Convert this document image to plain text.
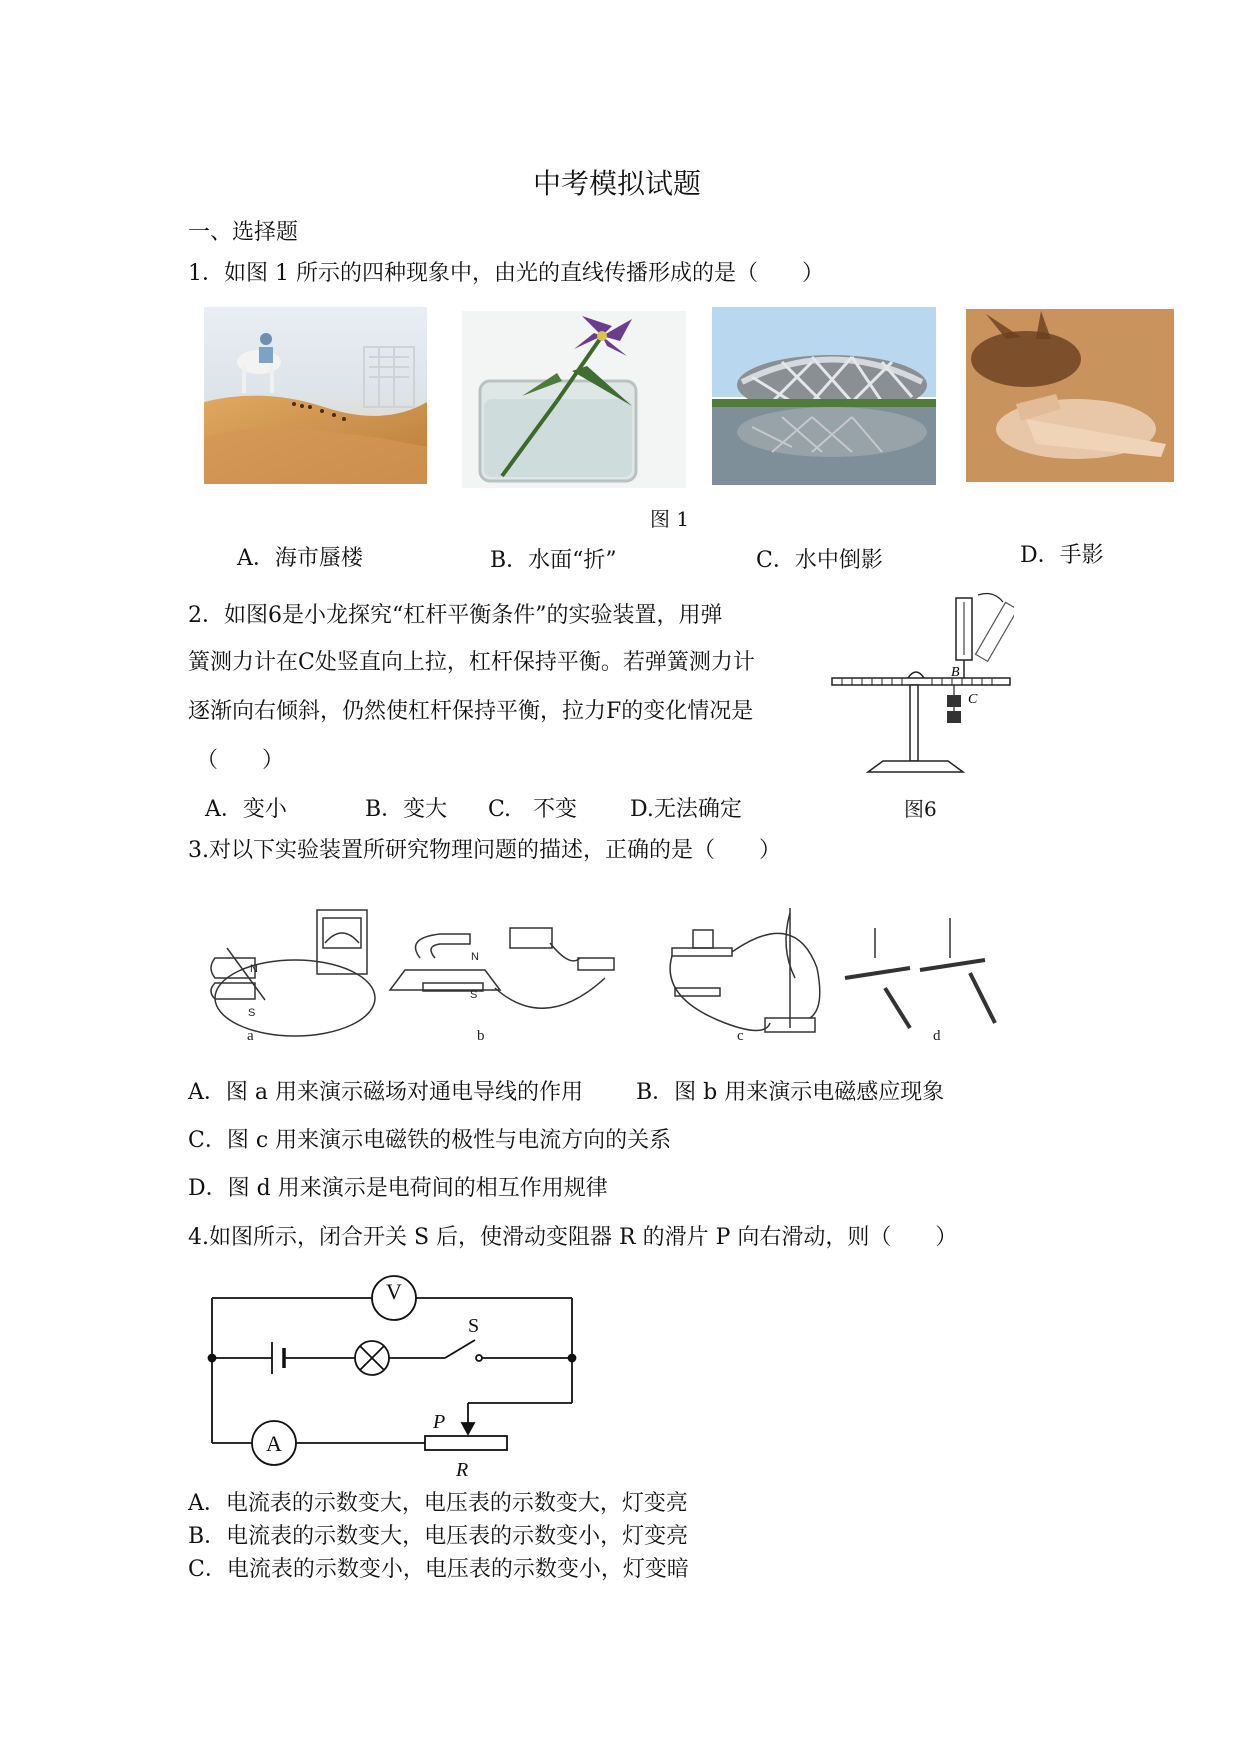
中考模拟试题
一、选择题
1．如图 1 所示的四种现象中，由光的直线传播形成的是（　　）
图 1
A．海市蜃楼	B．水面“折”	C．水中倒影	D．手影
2．如图6是小龙探究“杠杆平衡条件”的实验装置，用弹
簧测力计在C处竖直向上拉，杠杆保持平衡。若弹簧测力计
逐渐向右倾斜，仍然使杠杆保持平衡，拉力F的变化情况是
（　　）
A．变小	B．变大 C.　不变 D.无法确定
B
C
图6
3.对以下实验装置所研究物理问题的描述，正确的是（　　）
a
N
S
b
N
S
c	d
A．图 a 用来演示磁场对通电导线的作用 B．图 b 用来演示电磁感应现象
C．图 c 用来演示电磁铁的极性与电流方向的关系
D．图 d 用来演示是电荷间的相互作用规律
4.如图所示，闭合开关 S 后，使滑动变阻器 R 的滑片 P 向右滑动，则（　　）
V
A
S
P
R
A．电流表的示数变大，电压表的示数变大，灯变亮
B．电流表的示数变大，电压表的示数变小，灯变亮
C．电流表的示数变小，电压表的示数变小，灯变暗
